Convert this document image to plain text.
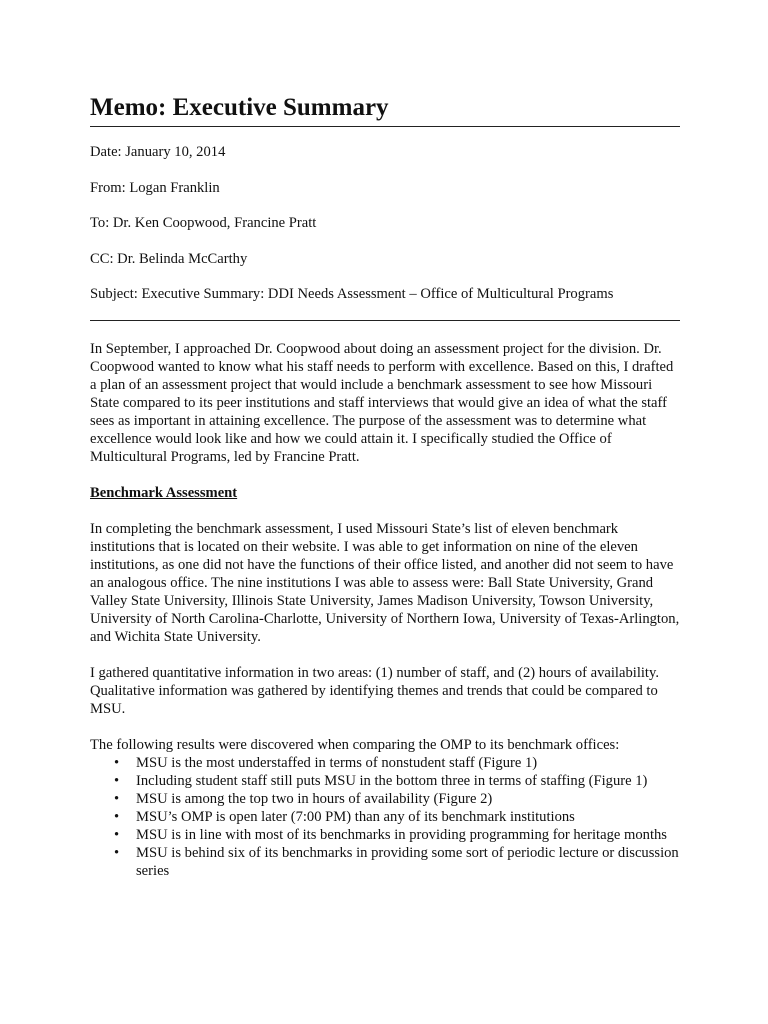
Memo: Executive Summary

Date: January 10, 2014

From: Logan Franklin

To: Dr. Ken Coopwood, Francine Pratt

CC: Dr. Belinda McCarthy

Subject: Executive Summary: DDI Needs Assessment – Office of Multicultural Programs

In September, I approached Dr. Coopwood about doing an assessment project for the division. Dr. Coopwood wanted to know what his staff needs to perform with excellence. Based on this, I drafted a plan of an assessment project that would include a benchmark assessment to see how Missouri State compared to its peer institutions and staff interviews that would give an idea of what the staff sees as important in attaining excellence. The purpose of the assessment was to determine what excellence would look like and how we could attain it. I specifically studied the Office of Multicultural Programs, led by Francine Pratt.

Benchmark Assessment

In completing the benchmark assessment, I used Missouri State’s list of eleven benchmark institutions that is located on their website. I was able to get information on nine of the eleven institutions, as one did not have the functions of their office listed, and another did not seem to have an analogous office. The nine institutions I was able to assess were: Ball State University, Grand Valley State University, Illinois State University, James Madison University, Towson University, University of North Carolina-Charlotte, University of Northern Iowa, University of Texas-Arlington, and Wichita State University.

I gathered quantitative information in two areas: (1) number of staff, and (2) hours of availability. Qualitative information was gathered by identifying themes and trends that could be compared to MSU.

The following results were discovered when comparing the OMP to its benchmark offices:

• MSU is the most understaffed in terms of nonstudent staff (Figure 1)
• Including student staff still puts MSU in the bottom three in terms of staffing (Figure 1)
• MSU is among the top two in hours of availability (Figure 2)
• MSU’s OMP is open later (7:00 PM) than any of its benchmark institutions
• MSU is in line with most of its benchmarks in providing programming for heritage months
• MSU is behind six of its benchmarks in providing some sort of periodic lecture or discussion series
